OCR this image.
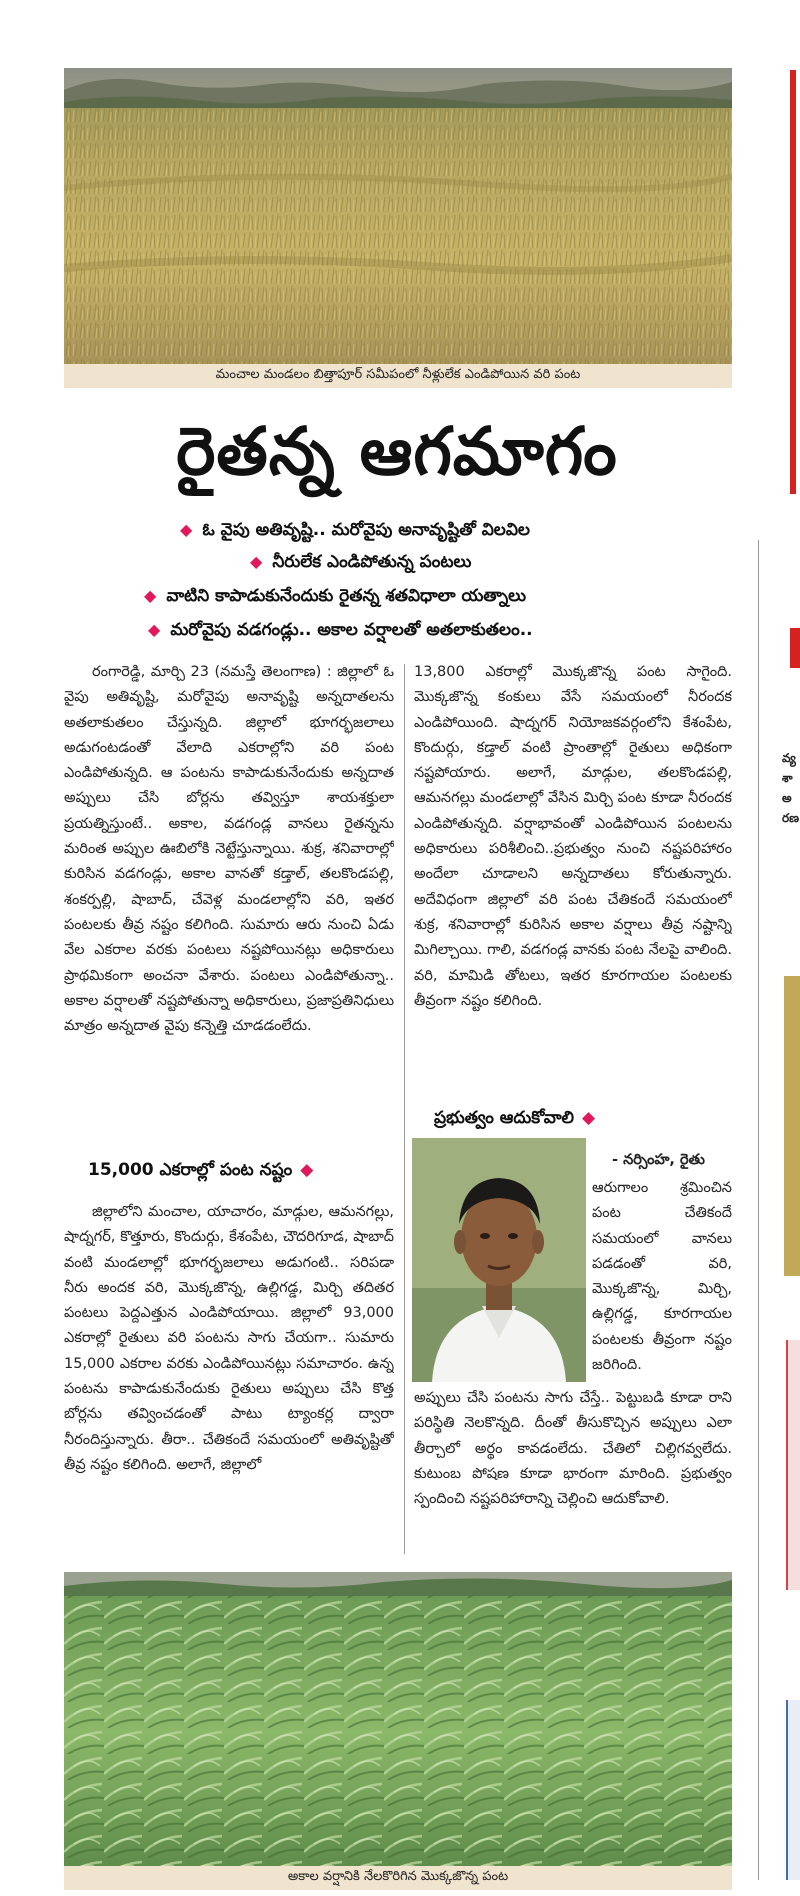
మంచాల మండలం బిత్తాపూర్ సమీపంలో నీళ్లులేక ఎండిపోయిన వరి పంట
రైతన్న ఆగమాగం
◆ ఓ వైపు అతివృష్టి.. మరోవైపు అనావృష్టితో విలవిల
◆ నీరులేక ఎండిపోతున్న పంటలు
◆ వాటిని కాపాడుకునేందుకు రైతన్న శతవిధాలా యత్నాలు
◆ మరోవైపు వడగండ్లు.. అకాల వర్షాలతో అతలాకుతలం..

రంగారెడ్డి, మార్చి 23 (నమస్తే తెలంగాణ) : జిల్లాలో ఓ వైపు అతివృష్టి, మరోవైపు అనావృష్టి అన్నదాతలను అతలాకుతలం చేస్తున్నది. జిల్లాలో భూగర్భజలాలు అడుగంటడంతో వేలాది ఎకరాల్లోని వరి పంట ఎండిపోతున్నది. ఆ పంటను కాపాడుకునేందుకు అన్నదాత అప్పులు చేసి బోర్లను తవ్విస్తూ శాయశక్తులా ప్రయత్నిస్తుంటే.. అకాల, వడగండ్ల వానలు రైతన్నను మరింత అప్పుల ఊబిలోకి నెట్టేస్తున్నాయి. శుక్ర, శనివారాల్లో కురిసిన వడగండ్లు, అకాల వానతో కడ్తాల్, తలకొండపల్లి, శంకర్పల్లి, షాబాద్, చేవెళ్ల మండలాల్లోని వరి, ఇతర పంటలకు తీవ్ర నష్టం కలిగింది. సుమారు ఆరు నుంచి ఏడు వేల ఎకరాల వరకు పంటలు నష్టపోయినట్లు అధికారులు ప్రాథమికంగా అంచనా వేశారు. పంటలు ఎండిపోతున్నా.. అకాల వర్షాలతో నష్టపోతున్నా అధికారులు, ప్రజాప్రతినిధులు మాత్రం అన్నదాత వైపు కన్నెత్తి చూడడంలేదు.

15,000 ఎకరాల్లో పంట నష్టం ◆

జిల్లాలోని మంచాల, యాచారం, మాడ్గుల, ఆమనగల్లు, షాద్నగర్, కొత్తూరు, కొందుర్గు, కేశంపేట, చౌదరిగూడ, షాబాద్ వంటి మండలాల్లో భూగర్భజలాలు అడుగంటి.. సరిపడా నీరు అందక వరి, మొక్కజొన్న, ఉల్లిగడ్డ, మిర్చి తదితర పంటలు పెద్దఎత్తున ఎండిపోయాయి. జిల్లాలో 93,000 ఎకరాల్లో రైతులు వరి పంటను సాగు చేయగా.. సుమారు 15,000 ఎకరాల వరకు ఎండిపోయినట్లు సమాచారం. ఉన్న పంటను కాపాడుకునేందుకు రైతులు అప్పులు చేసి కొత్త బోర్లను తవ్వించడంతో పాటు ట్యాంకర్ల ద్వారా నీరందిస్తున్నారు. తీరా.. చేతికందే సమయంలో అతివృష్టితో తీవ్ర నష్టం కలిగింది. అలాగే, జిల్లాలో

13,800 ఎకరాల్లో మొక్కజొన్న పంట సాగైంది. మొక్కజొన్న కంకులు వేసే సమయంలో నీరందక ఎండిపోయింది. షాద్నగర్ నియోజకవర్గంలోని కేశంపేట, కొందుర్గు, కడ్తాల్ వంటి ప్రాంతాల్లో రైతులు అధికంగా నష్టపోయారు. అలాగే, మాడ్గుల, తలకొండపల్లి, ఆమనగల్లు మండలాల్లో వేసిన మిర్చి పంట కూడా నీరందక ఎండిపోతున్నది. వర్షాభావంతో ఎండిపోయిన పంటలను అధికారులు పరిశీలించి..ప్రభుత్వం నుంచి నష్టపరిహారం అందేలా చూడాలని అన్నదాతలు కోరుతున్నారు. అదేవిధంగా జిల్లాలో వరి పంట చేతికందే సమయంలో శుక్ర, శనివారాల్లో కురిసిన అకాల వర్షాలు తీవ్ర నష్టాన్ని మిగిల్చాయి. గాలి, వడగండ్ల వానకు పంట నేలపై వాలింది. వరి, మామిడి తోటలు, ఇతర కూరగాయల పంటలకు తీవ్రంగా నష్టం కలిగింది.

ప్రభుత్వం ఆదుకోవాలి ◆
- నర్సింహ, రైతు

ఆరుగాలం శ్రమించిన పంట చేతికందే సమయంలో వానలు పడడంతో వరి, మొక్కజొన్న, మిర్చి, ఉల్లిగడ్డ, కూరగాయల పంటలకు తీవ్రంగా నష్టం జరిగింది.

అప్పులు చేసి పంటను సాగు చేస్తే.. పెట్టుబడి కూడా రాని పరిస్థితి నెలకొన్నది. దీంతో తీసుకొచ్చిన అప్పులు ఎలా తీర్చాలో అర్థం కావడంలేదు. చేతిలో చిల్లిగవ్వలేదు. కుటుంబ పోషణ కూడా భారంగా మారింది. ప్రభుత్వం స్పందించి నష్టపరిహారాన్ని చెల్లించి ఆదుకోవాలి.

అకాల వర్షానికి నేలకొరిగిన మొక్కజొన్న పంట
వ్య
శా
అ
రణ
